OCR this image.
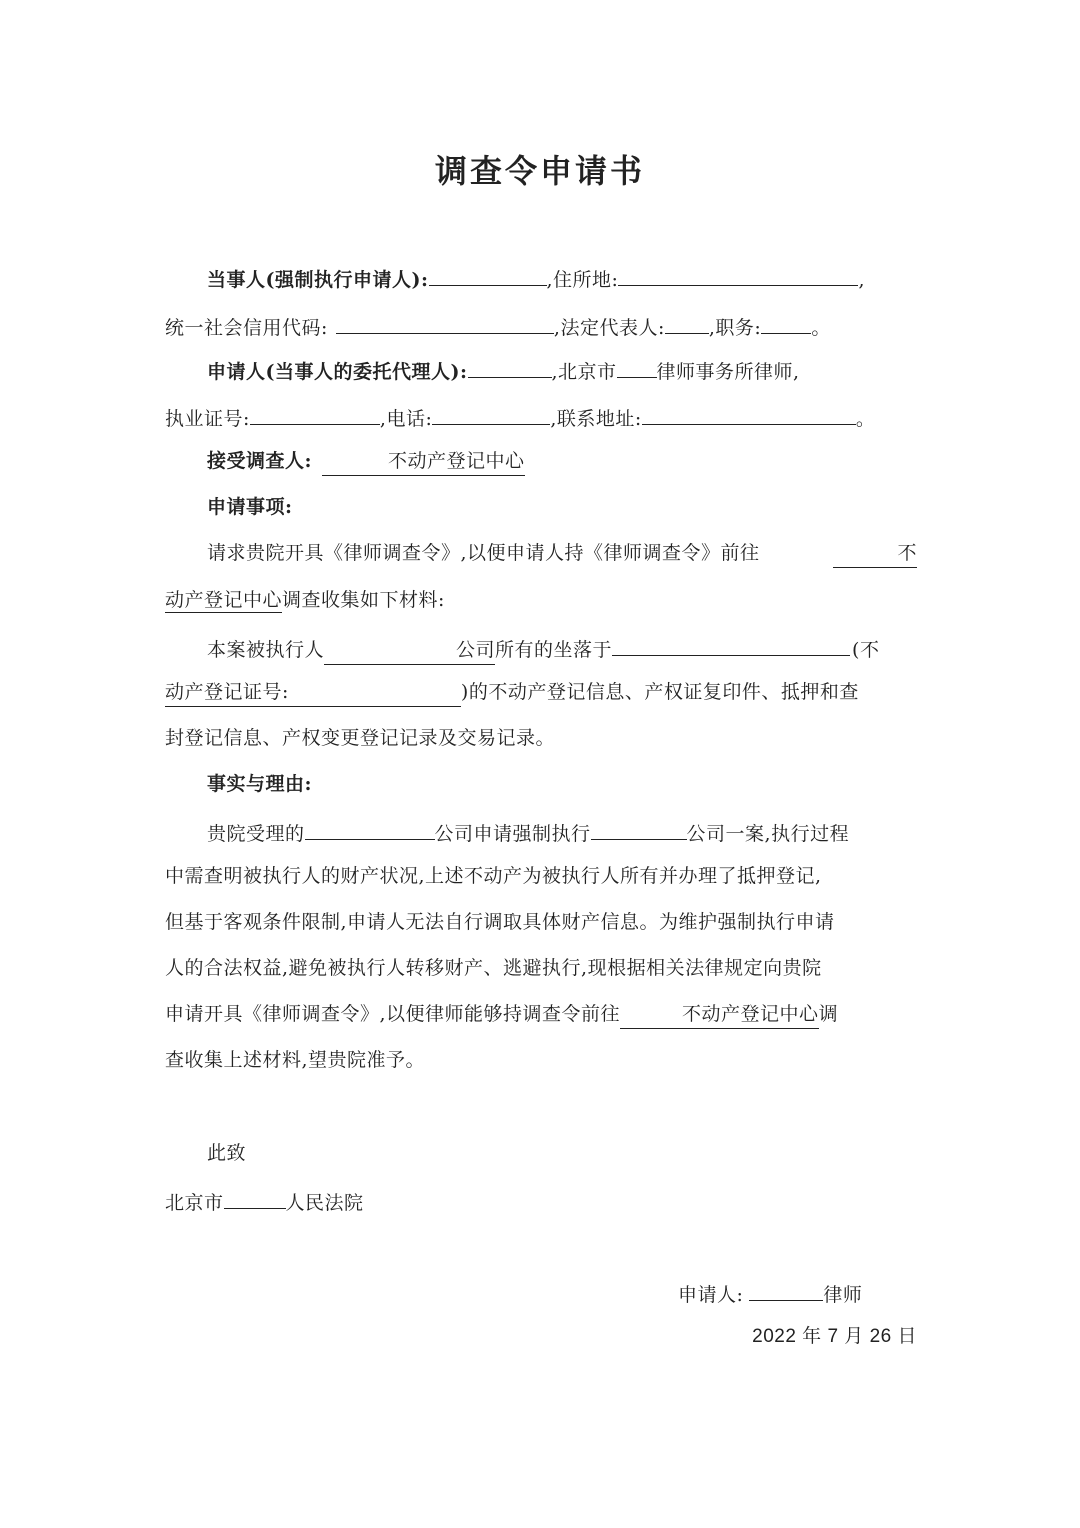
调查令申请书
当事人(强制执行申请人):	,住所地:	,
统一社会信用代码:	,法定代表人: ,职务:	。
申请人(当事人的委托代理人):	,北京市 律师事务所律师,
执业证号:	,电话:	,联系地址:	。
接受调查人:	不动产登记中心
申请事项:
请求贵院开具《律师调查令》,以便申请人持《律师调查令》前往	不
动产登记中心调查收集如下材料:
本案被执行人	公司所有的坐落于	(不
动产登记证号:	)的不动产登记信息、产权证复印件、抵押和查
封登记信息、产权变更登记记录及交易记录。
事实与理由:
贵院受理的	公司申请强制执行	公司一案,执行过程
中需查明被执行人的财产状况,上述不动产为被执行人所有并办理了抵押登记,
但基于客观条件限制,申请人无法自行调取具体财产信息。为维护强制执行申请
人的合法权益,避免被执行人转移财产、逃避执行,现根据相关法律规定向贵院
申请开具《律师调查令》,以便律师能够持调查令前往	不动产登记中心调
查收集上述材料,望贵院准予。
此致
北京市	人民法院
申请人:	律师
2022 年 7 月 26 日
